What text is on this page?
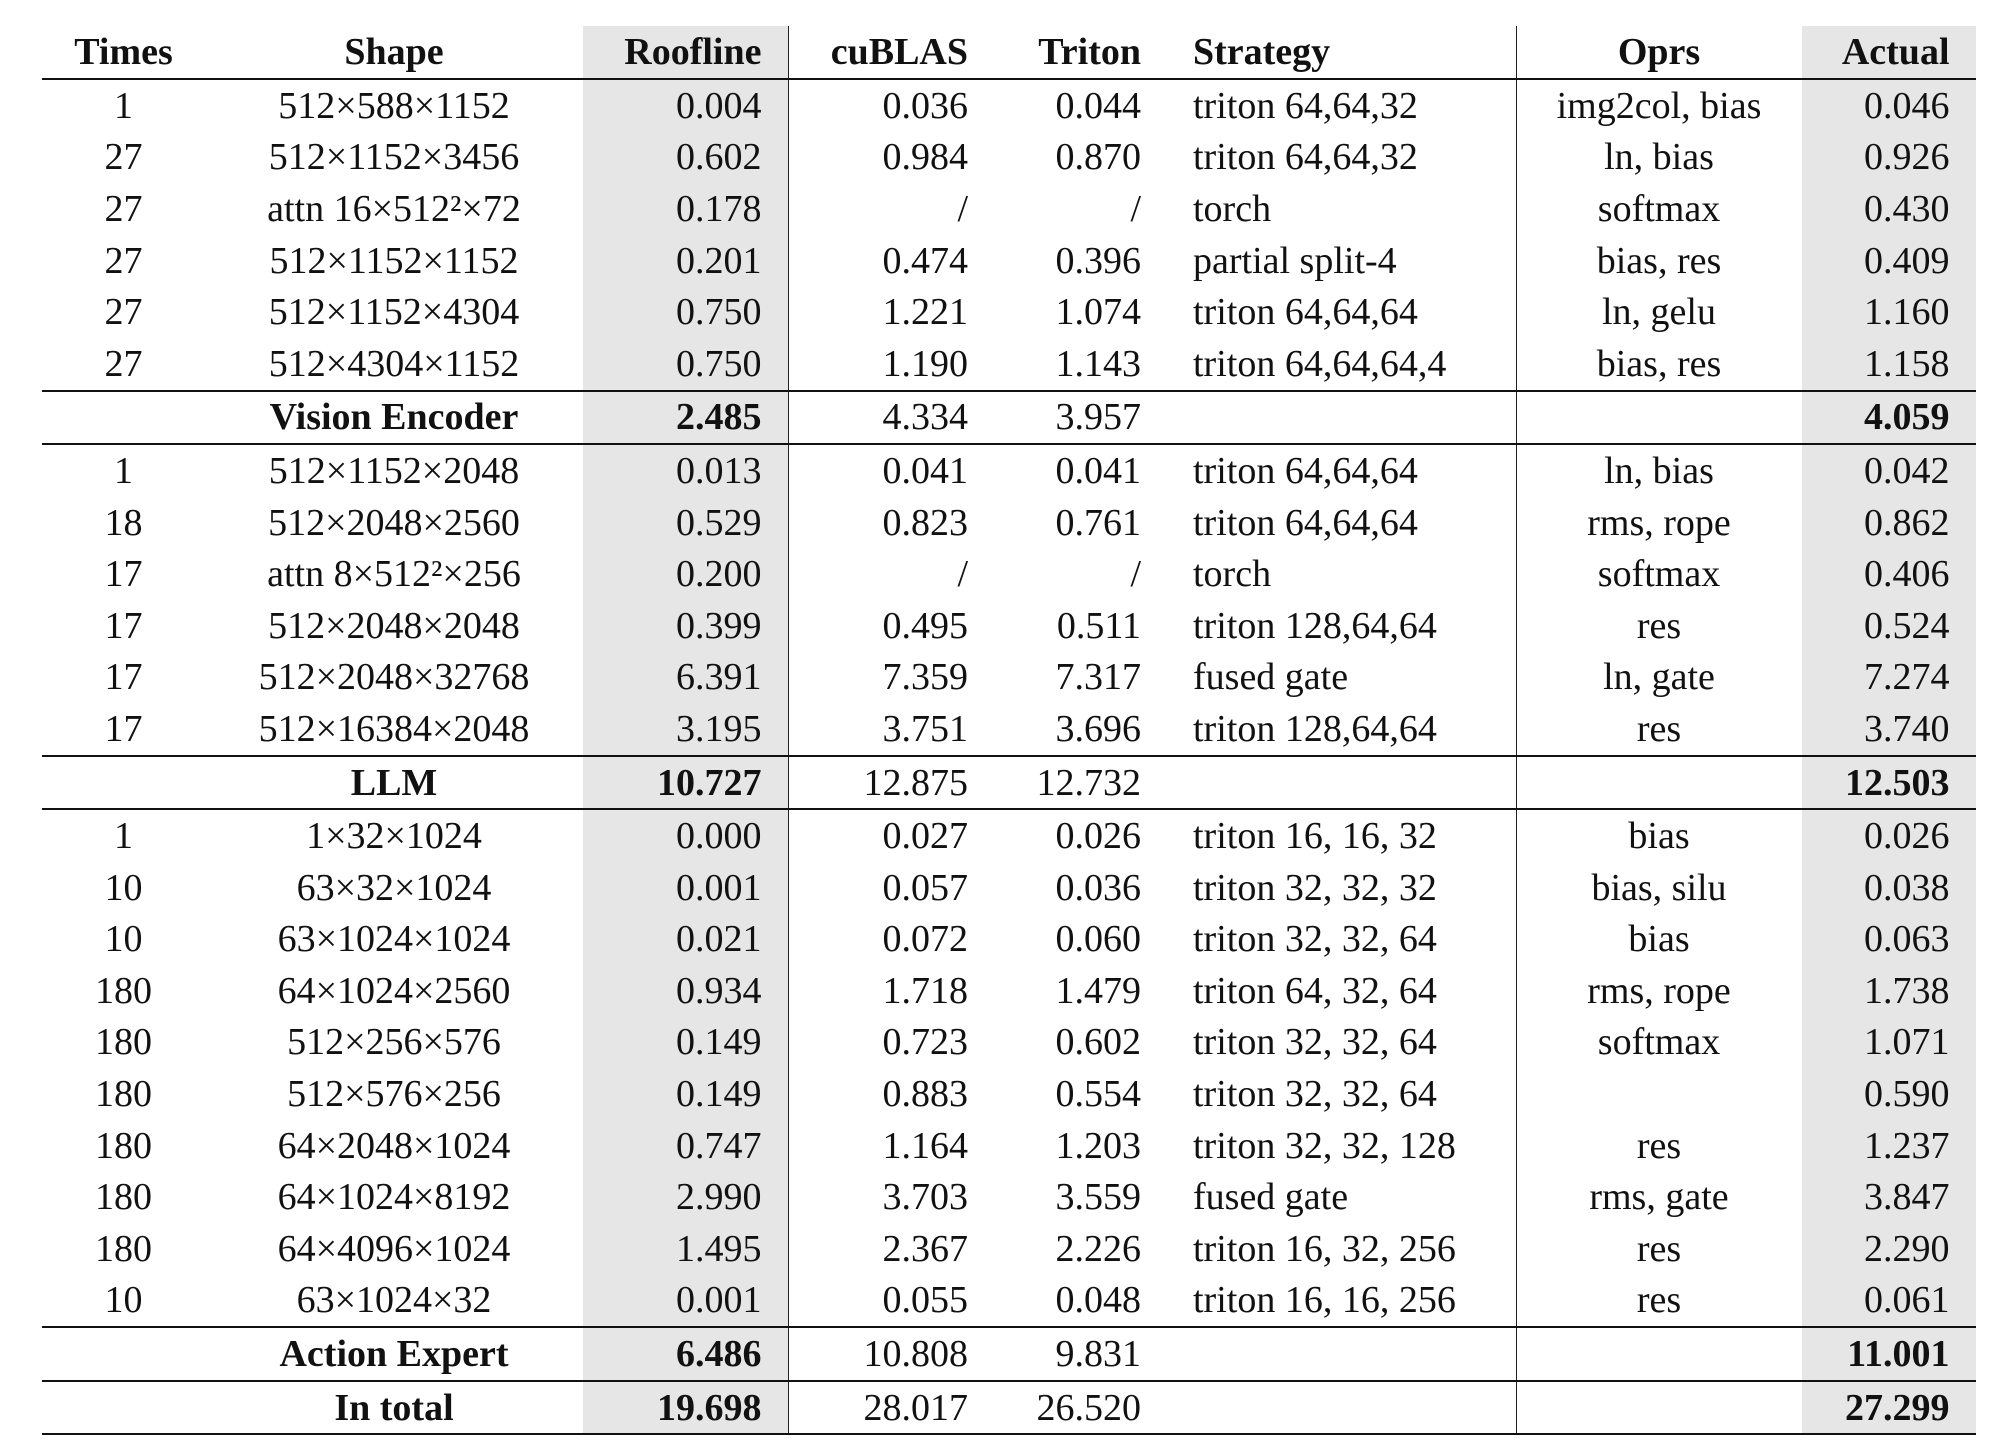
Times	Shape	Roofline	cuBLAS	Triton	Strategy	Oprs	Actual
1	512×588×1152	0.004	0.036	0.044	triton 64,64,32	img2col, bias	0.046
27	512×1152×3456	0.602	0.984	0.870	triton 64,64,32	ln, bias	0.926
27	attn 16×512²×72	0.178	/	/	torch	softmax	0.430
27	512×1152×1152	0.201	0.474	0.396	partial split-4	bias, res	0.409
27	512×1152×4304	0.750	1.221	1.074	triton 64,64,64	ln, gelu	1.160
27	512×4304×1152	0.750	1.190	1.143	triton 64,64,64,4	bias, res	1.158
	Vision Encoder	2.485	4.334	3.957			4.059
1	512×1152×2048	0.013	0.041	0.041	triton 64,64,64	ln, bias	0.042
18	512×2048×2560	0.529	0.823	0.761	triton 64,64,64	rms, rope	0.862
17	attn 8×512²×256	0.200	/	/	torch	softmax	0.406
17	512×2048×2048	0.399	0.495	0.511	triton 128,64,64	res	0.524
17	512×2048×32768	6.391	7.359	7.317	fused gate	ln, gate	7.274
17	512×16384×2048	3.195	3.751	3.696	triton 128,64,64	res	3.740
	LLM	10.727	12.875	12.732			12.503
1	1×32×1024	0.000	0.027	0.026	triton 16, 16, 32	bias	0.026
10	63×32×1024	0.001	0.057	0.036	triton 32, 32, 32	bias, silu	0.038
10	63×1024×1024	0.021	0.072	0.060	triton 32, 32, 64	bias	0.063
180	64×1024×2560	0.934	1.718	1.479	triton 64, 32, 64	rms, rope	1.738
180	512×256×576	0.149	0.723	0.602	triton 32, 32, 64	softmax	1.071
180	512×576×256	0.149	0.883	0.554	triton 32, 32, 64		0.590
180	64×2048×1024	0.747	1.164	1.203	triton 32, 32, 128	res	1.237
180	64×1024×8192	2.990	3.703	3.559	fused gate	rms, gate	3.847
180	64×4096×1024	1.495	2.367	2.226	triton 16, 32, 256	res	2.290
10	63×1024×32	0.001	0.055	0.048	triton 16, 16, 256	res	0.061
	Action Expert	6.486	10.808	9.831			11.001
	In total	19.698	28.017	26.520			27.299
